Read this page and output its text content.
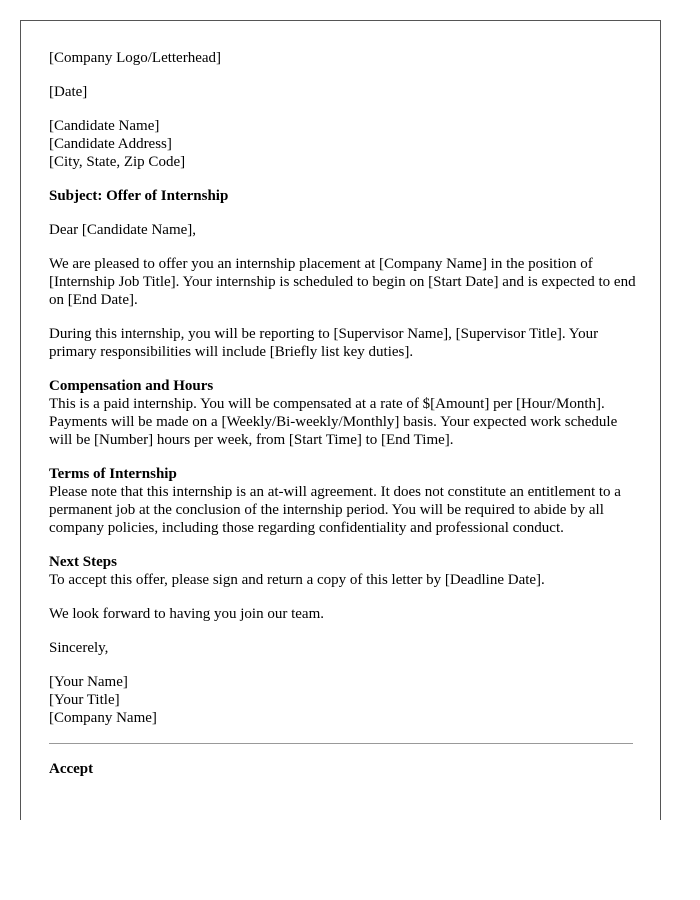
[Company Logo/Letterhead]

[Date]

[Candidate Name]
[Candidate Address]
[City, State, Zip Code]

Subject: Offer of Internship

Dear [Candidate Name],

We are pleased to offer you an internship placement at [Company Name] in the position of [Internship Job Title]. Your internship is scheduled to begin on [Start Date] and is expected to end on [End Date].

During this internship, you will be reporting to [Supervisor Name], [Supervisor Title]. Your primary responsibilities will include [Briefly list key duties].

Compensation and Hours
This is a paid internship. You will be compensated at a rate of $[Amount] per [Hour/Month]. Payments will be made on a [Weekly/Bi-weekly/Monthly] basis. Your expected work schedule will be [Number] hours per week, from [Start Time] to [End Time].

Terms of Internship
Please note that this internship is an at-will agreement. It does not constitute an entitlement to a permanent job at the conclusion of the internship period. You will be required to abide by all company policies, including those regarding confidentiality and professional conduct.

Next Steps
To accept this offer, please sign and return a copy of this letter by [Deadline Date].

We look forward to having you join our team.

Sincerely,

[Your Name]
[Your Title]
[Company Name]

Accept
